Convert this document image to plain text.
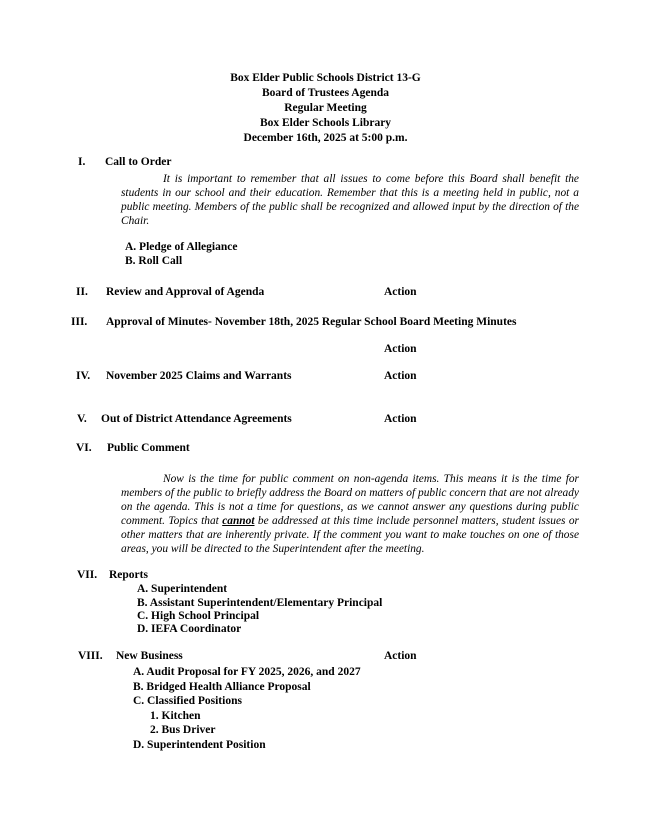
Box Elder Public Schools District 13-G
Board of Trustees Agenda
Regular Meeting
Box Elder Schools Library
December 16th, 2025 at 5:00 p.m.
I. Call to Order
It is important to remember that all issues to come before this Board shall benefit the students in our school and their education. Remember that this is a meeting held in public, not a public meeting. Members of the public shall be recognized and allowed input by the direction of the Chair.
A. Pledge of Allegiance
B. Roll Call
II. Review and Approval of Agenda	Action
III. Approval of Minutes- November 18th, 2025 Regular School Board Meeting Minutes
Action
IV. November 2025 Claims and Warrants	Action
V. Out of District Attendance Agreements	Action
VI. Public Comment
Now is the time for public comment on non-agenda items. This means it is the time for members of the public to briefly address the Board on matters of public concern that are not already on the agenda. This is not a time for questions, as we cannot answer any questions during public comment. Topics that cannot be addressed at this time include personnel matters, student issues or other matters that are inherently private. If the comment you want to make touches on one of those areas, you will be directed to the Superintendent after the meeting.
VII. Reports
A. Superintendent
B. Assistant Superintendent/Elementary Principal
C. High School Principal
D. IEFA Coordinator
VIII. New Business	Action
A. Audit Proposal for FY 2025, 2026, and 2027
B. Bridged Health Alliance Proposal
C. Classified Positions
1. Kitchen
2. Bus Driver
D. Superintendent Position
